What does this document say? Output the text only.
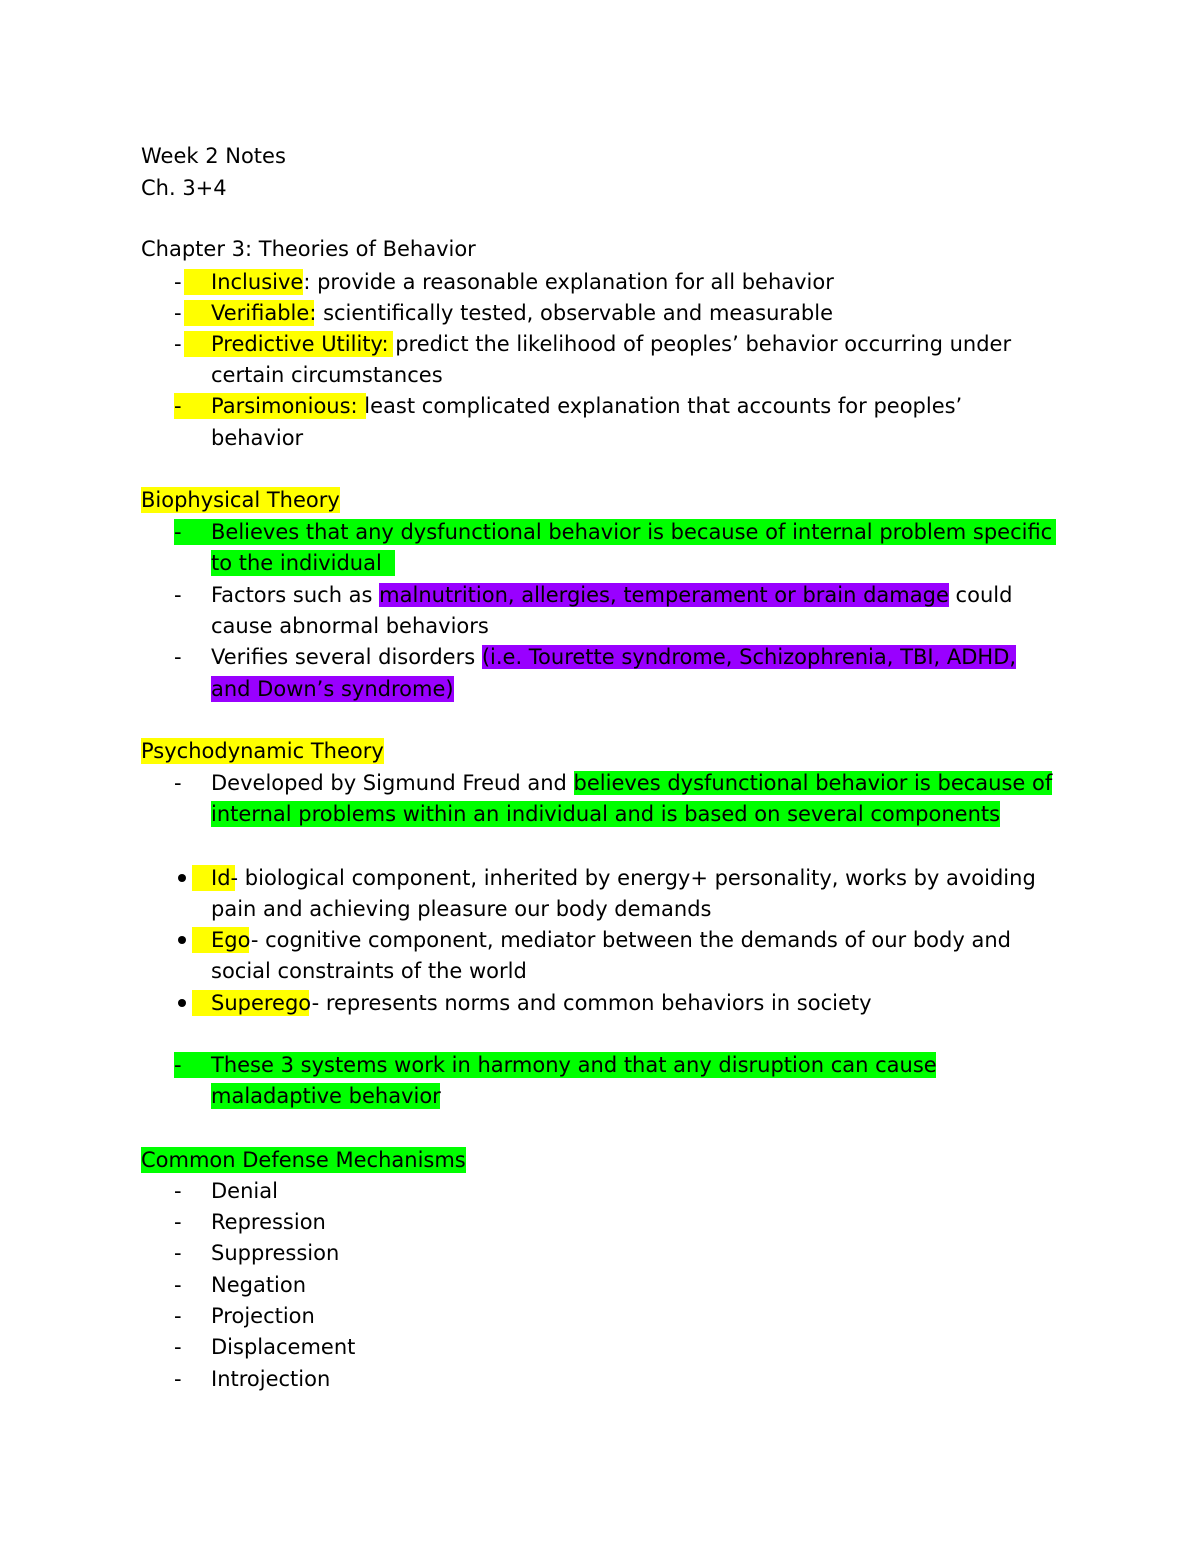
Week 2 Notes
Ch. 3+4
Chapter 3: Theories of Behavior
-	Inclusive: provide a reasonable explanation for all behavior
-	Verifiable: scientifically tested, observable and measurable
-	Predictive Utility: predict the likelihood of peoples’ behavior occurring under
certain circumstances
-	Parsimonious: least complicated explanation that accounts for peoples’
behavior
Biophysical Theory
-	Believes that any dysfunctional behavior is because of internal problem specific
to the individual
-	Factors such as malnutrition, allergies, temperament or brain damage could
cause abnormal behaviors
-	Verifies several disorders (i.e. Tourette syndrome, Schizophrenia, TBI, ADHD,
and Down’s syndrome)
Psychodynamic Theory
-	Developed by Sigmund Freud and believes dysfunctional behavior is because of
internal problems within an individual and is based on several components
Id- biological component, inherited by energy+ personality, works by avoiding
pain and achieving pleasure our body demands
Ego- cognitive component, mediator between the demands of our body and
social constraints of the world
Superego- represents norms and common behaviors in society
-	These 3 systems work in harmony and that any disruption can cause
maladaptive behavior
Common Defense Mechanisms
-	Denial
-	Repression
-	Suppression
-	Negation
-	Projection
-	Displacement
-	Introjection
